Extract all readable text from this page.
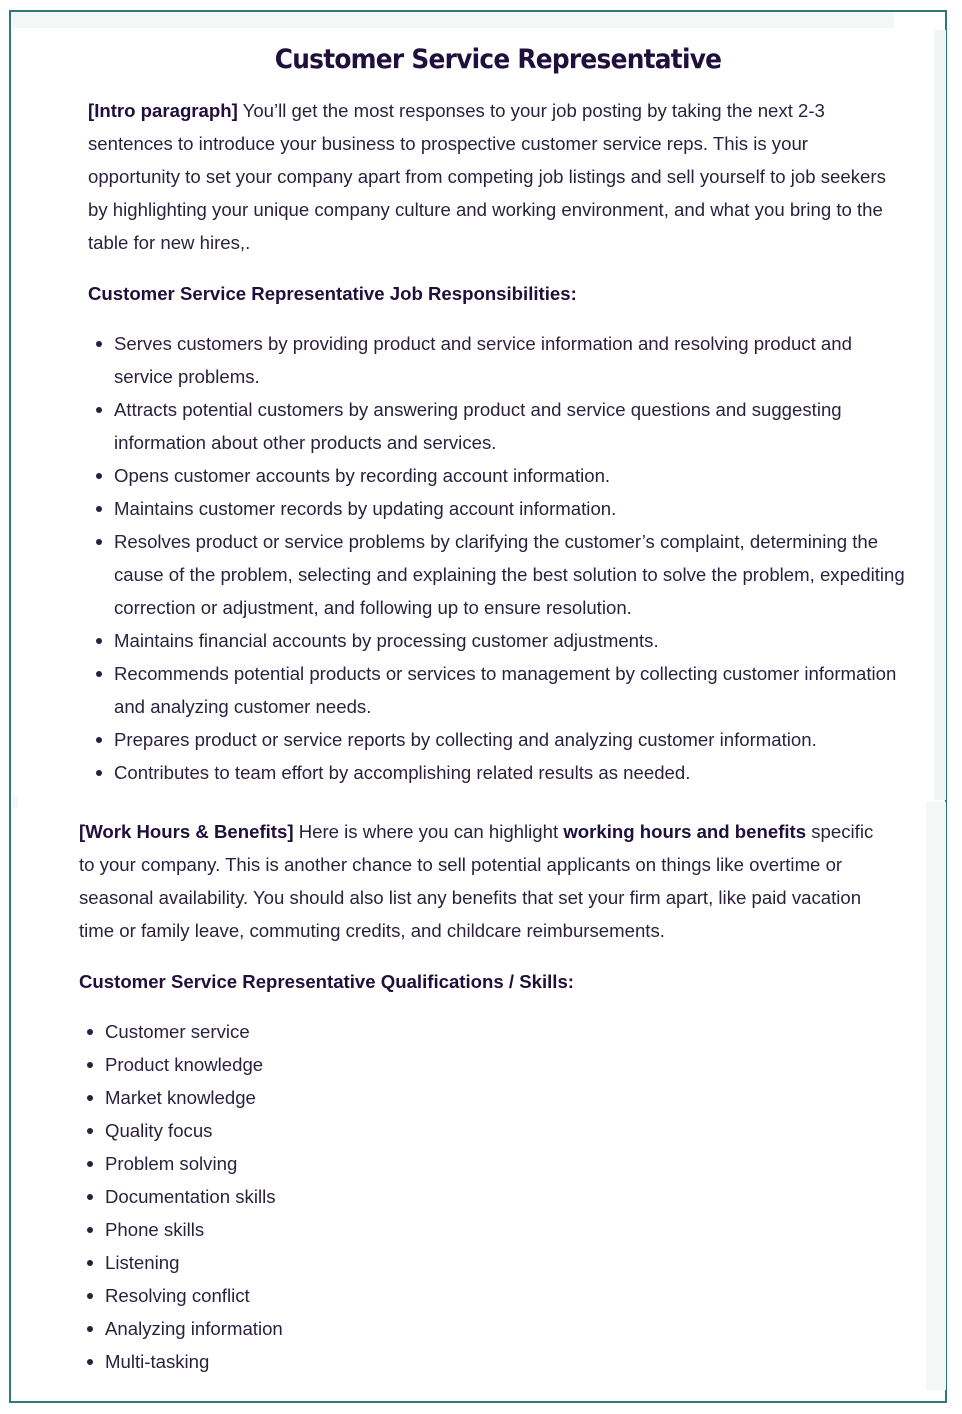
Customer Service Representative

[Intro paragraph] You’ll get the most responses to your job posting by taking the next 2-3 sentences to introduce your business to prospective customer service reps. This is your opportunity to set your company apart from competing job listings and sell yourself to job seekers by highlighting your unique company culture and working environment, and what you bring to the table for new hires,.

Customer Service Representative Job Responsibilities:

Serves customers by providing product and service information and resolving product and service problems.
Attracts potential customers by answering product and service questions and suggesting information about other products and services.
Opens customer accounts by recording account information.
Maintains customer records by updating account information.
Resolves product or service problems by clarifying the customer’s complaint, determining the cause of the problem, selecting and explaining the best solution to solve the problem, expediting correction or adjustment, and following up to ensure resolution.
Maintains financial accounts by processing customer adjustments.
Recommends potential products or services to management by collecting customer information and analyzing customer needs.
Prepares product or service reports by collecting and analyzing customer information.
Contributes to team effort by accomplishing related results as needed.

[Work Hours & Benefits] Here is where you can highlight working hours and benefits specific to your company. This is another chance to sell potential applicants on things like overtime or seasonal availability. You should also list any benefits that set your firm apart, like paid vacation time or family leave, commuting credits, and childcare reimbursements.

Customer Service Representative Qualifications / Skills:

Customer service
Product knowledge
Market knowledge
Quality focus
Problem solving
Documentation skills
Phone skills
Listening
Resolving conflict
Analyzing information
Multi-tasking
